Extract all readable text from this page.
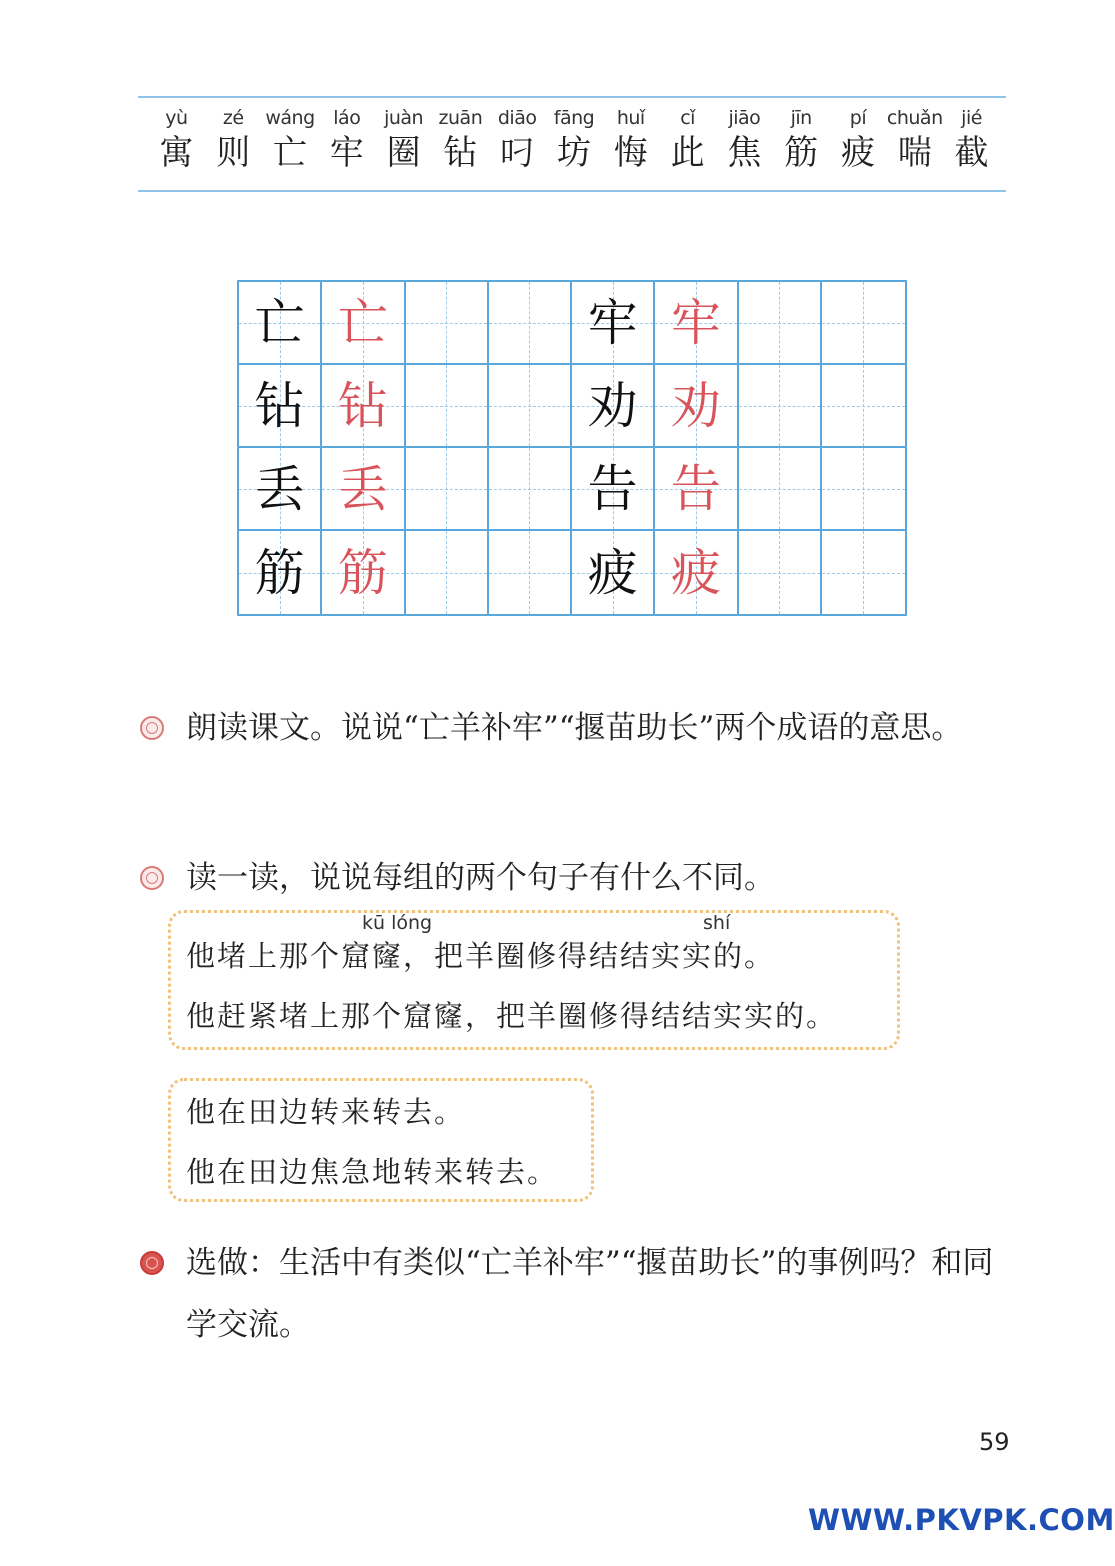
yù
寓
zé
则
wáng
亡
láo
牢
juàn
圈
zuān
钻
diāo
叼
fāng
坊
huǐ
悔
cǐ
此
jiāo
焦
jīn
筋
pí
疲
chuǎn
喘
jié
截
亡 亡	牢 牢
钻 钻	劝 劝
丢 丢	告 告
筋 筋	疲 疲
朗读课文。说说“亡羊补牢”“揠苗助长”两个成语的意思。
读一读，说说每组的两个句子有什么不同。
kū lóng	shí
他堵上那个窟窿，把羊圈修得结结实实的。
他赶紧堵上那个窟窿，把羊圈修得结结实实的。
他在田边转来转去。
他在田边焦急地转来转去。
选做：生活中有类似“亡羊补牢”“揠苗助长”的事例吗？和同学交流。
59
WWW.PKVPK.COM
